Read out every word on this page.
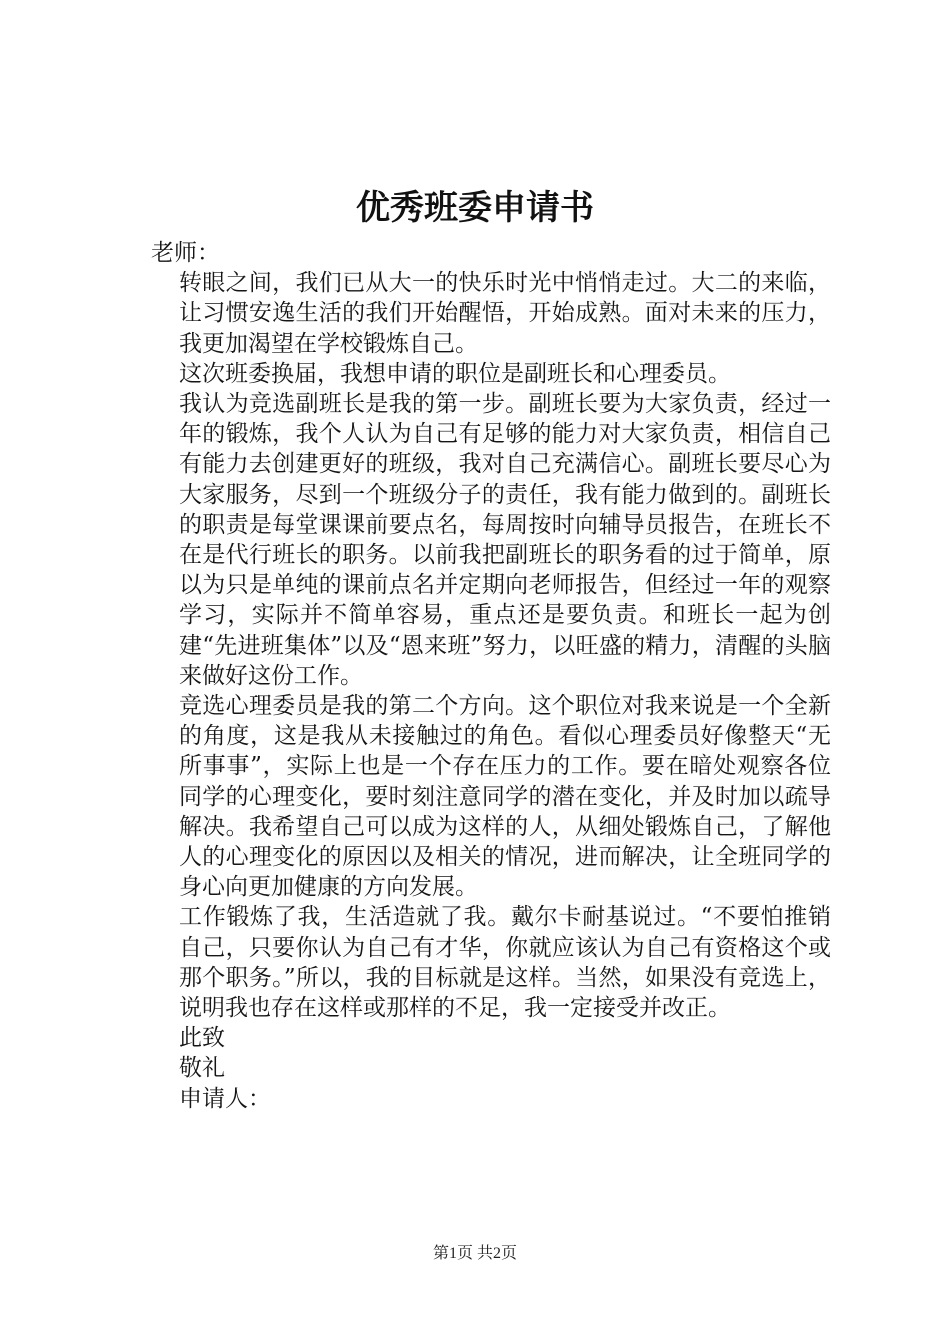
优秀班委申请书

老师：

转眼之间，我们已从大一的快乐时光中悄悄走过。大二的来临，让习惯安逸生活的我们开始醒悟，开始成熟。面对未来的压力，我更加渴望在学校锻炼自己。

这次班委换届，我想申请的职位是副班长和心理委员。

我认为竞选副班长是我的第一步。副班长要为大家负责，经过一年的锻炼，我个人认为自己有足够的能力对大家负责，相信自己有能力去创建更好的班级，我对自己充满信心。副班长要尽心为大家服务，尽到一个班级分子的责任，我有能力做到的。副班长的职责是每堂课课前要点名，每周按时向辅导员报告，在班长不在是代行班长的职务。以前我把副班长的职务看的过于简单，原以为只是单纯的课前点名并定期向老师报告，但经过一年的观察学习，实际并不简单容易，重点还是要负责。和班长一起为创建“先进班集体”以及“恩来班”努力，以旺盛的精力，清醒的头脑来做好这份工作。

竞选心理委员是我的第二个方向。这个职位对我来说是一个全新的角度，这是我从未接触过的角色。看似心理委员好像整天“无所事事”，实际上也是一个存在压力的工作。要在暗处观察各位同学的心理变化，要时刻注意同学的潜在变化，并及时加以疏导解决。我希望自己可以成为这样的人，从细处锻炼自己，了解他人的心理变化的原因以及相关的情况，进而解决，让全班同学的身心向更加健康的方向发展。

工作锻炼了我，生活造就了我。戴尔卡耐基说过。“不要怕推销自己，只要你认为自己有才华，你就应该认为自己有资格这个或那个职务。”所以，我的目标就是这样。当然，如果没有竞选上，说明我也存在这样或那样的不足，我一定接受并改正。

此致

敬礼

申请人：

第1页 共2页
